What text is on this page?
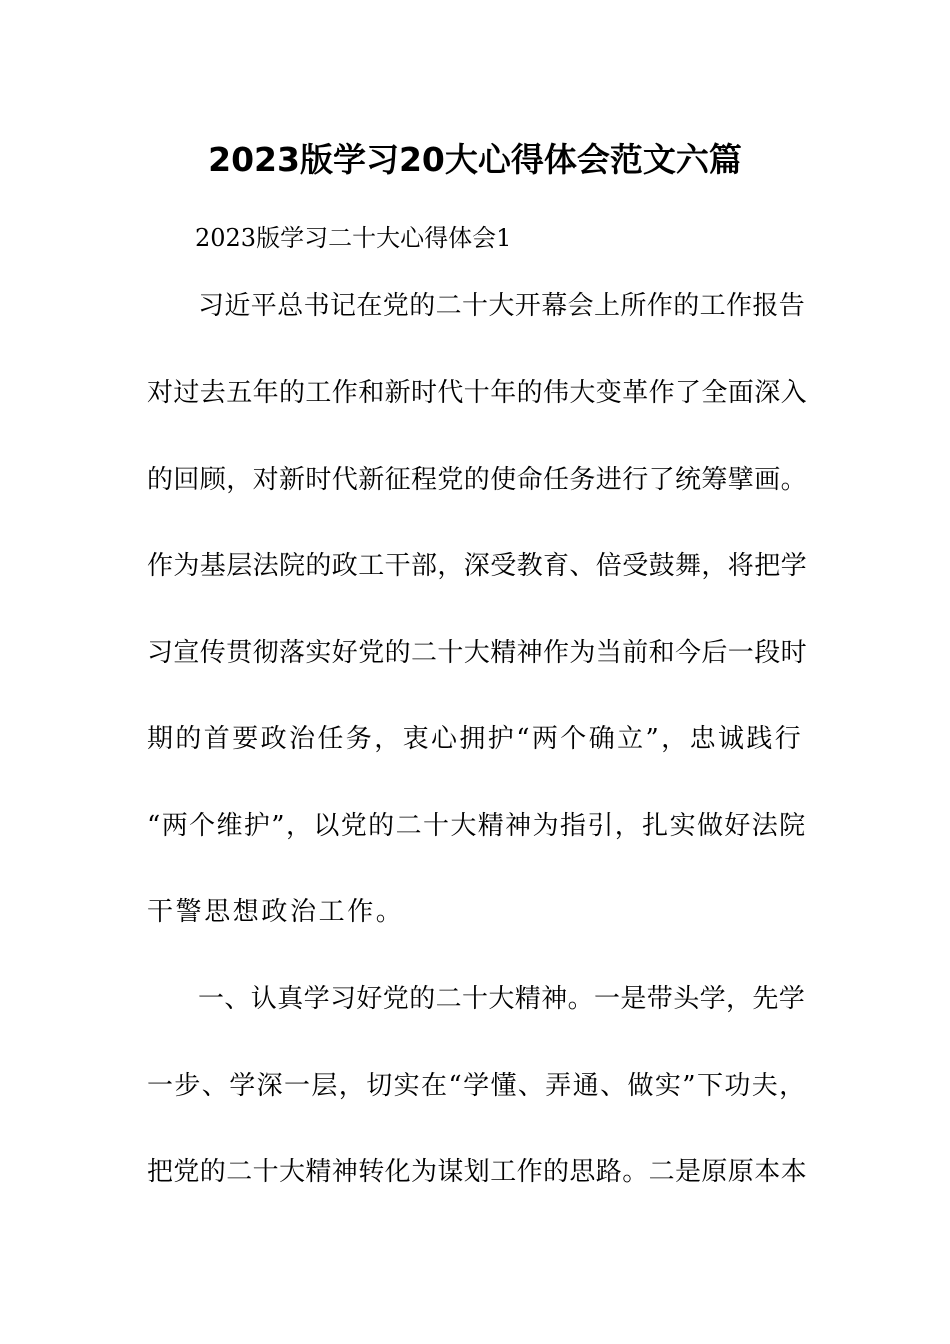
2023版学习20大心得体会范文六篇
2023版学习二十大心得体会1
习近平总书记在党的二十大开幕会上所作的工作报告
对过去五年的工作和新时代十年的伟大变革作了全面深入
的回顾，对新时代新征程党的使命任务进行了统筹擘画。
作为基层法院的政工干部，深受教育、倍受鼓舞，将把学
习宣传贯彻落实好党的二十大精神作为当前和今后一段时
期的首要政治任务，衷心拥护“两个确立”，忠诚践行
“两个维护”，以党的二十大精神为指引，扎实做好法院
干警思想政治工作。
一、认真学习好党的二十大精神。一是带头学，先学
一步、学深一层，切实在“学懂、弄通、做实”下功夫，
把党的二十大精神转化为谋划工作的思路。二是原原本本
